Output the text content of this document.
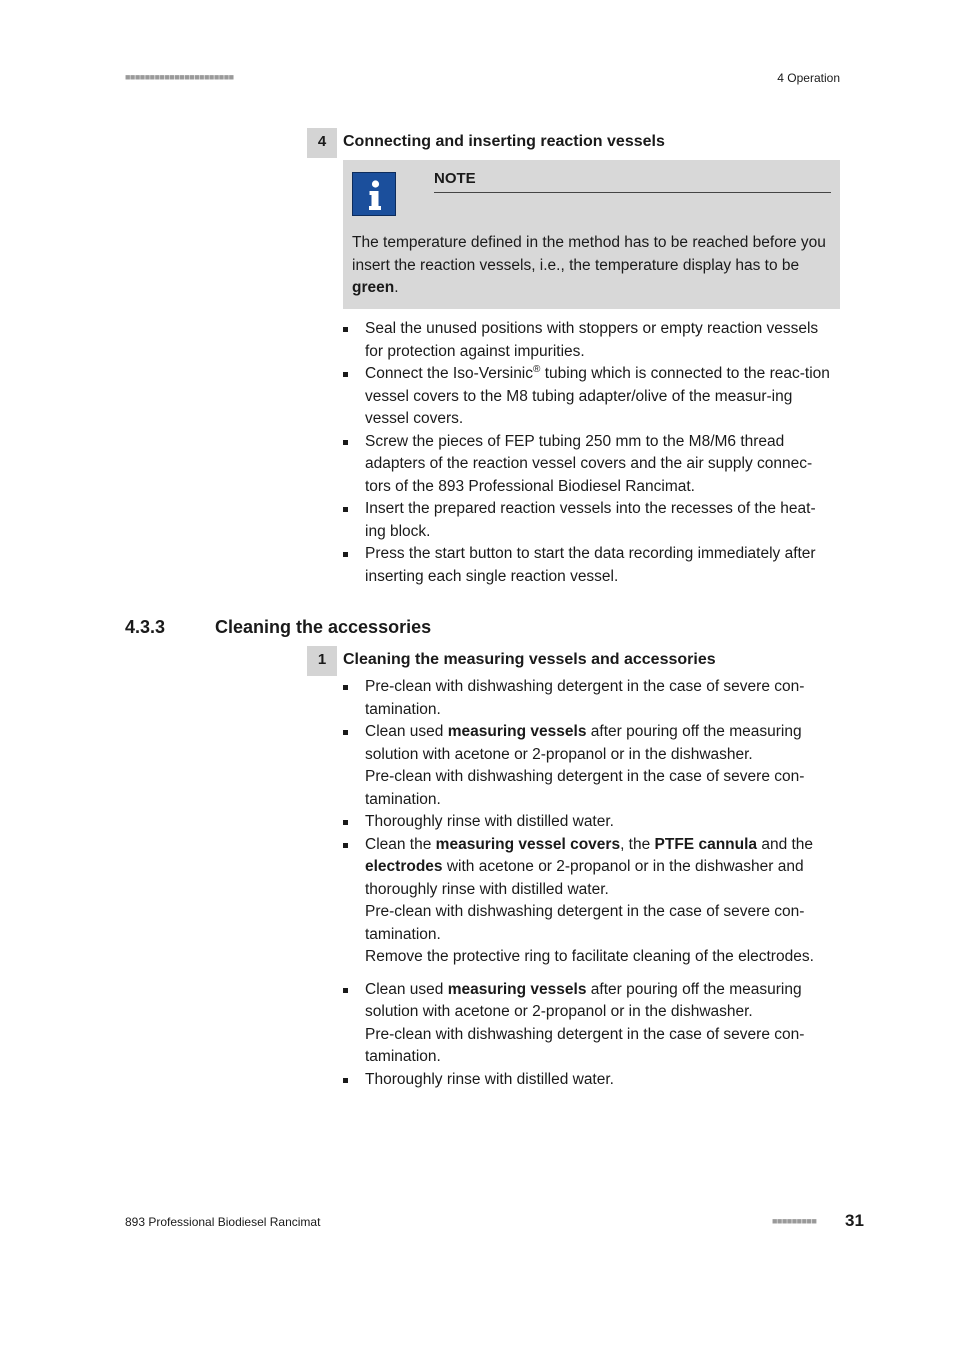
■■■■■■■■■■■■■■■■■■■■■■	4 Operation
4	Connecting and inserting reaction vessels
NOTE
The temperature defined in the method has to be reached before you insert the reaction vessels, i.e., the temperature display has to be green.
Seal the unused positions with stoppers or empty reaction vessels for protection against impurities.
Connect the Iso-Versinic® tubing which is connected to the reac-tion vessel covers to the M8 tubing adapter/olive of the measur-ing vessel covers.
Screw the pieces of FEP tubing 250 mm to the M8/M6 thread adapters of the reaction vessel covers and the air supply connec-tors of the 893 Professional Biodiesel Rancimat.
Insert the prepared reaction vessels into the recesses of the heat-ing block.
Press the start button to start the data recording immediately after inserting each single reaction vessel.
4.3.3	Cleaning the accessories
1	Cleaning the measuring vessels and accessories
Pre-clean with dishwashing detergent in the case of severe con-tamination.
Clean used measuring vessels after pouring off the measuring solution with acetone or 2-propanol or in the dishwasher.
Pre-clean with dishwashing detergent in the case of severe con-tamination.
Thoroughly rinse with distilled water.
Clean the measuring vessel covers, the PTFE cannula and the electrodes with acetone or 2-propanol or in the dishwasher and thoroughly rinse with distilled water.
Pre-clean with dishwashing detergent in the case of severe con-tamination.
Remove the protective ring to facilitate cleaning of the electrodes.
Clean used measuring vessels after pouring off the measuring solution with acetone or 2-propanol or in the dishwasher.
Pre-clean with dishwashing detergent in the case of severe con-tamination.
Thoroughly rinse with distilled water.
893 Professional Biodiesel Rancimat	■■■■■■■■■ 31
